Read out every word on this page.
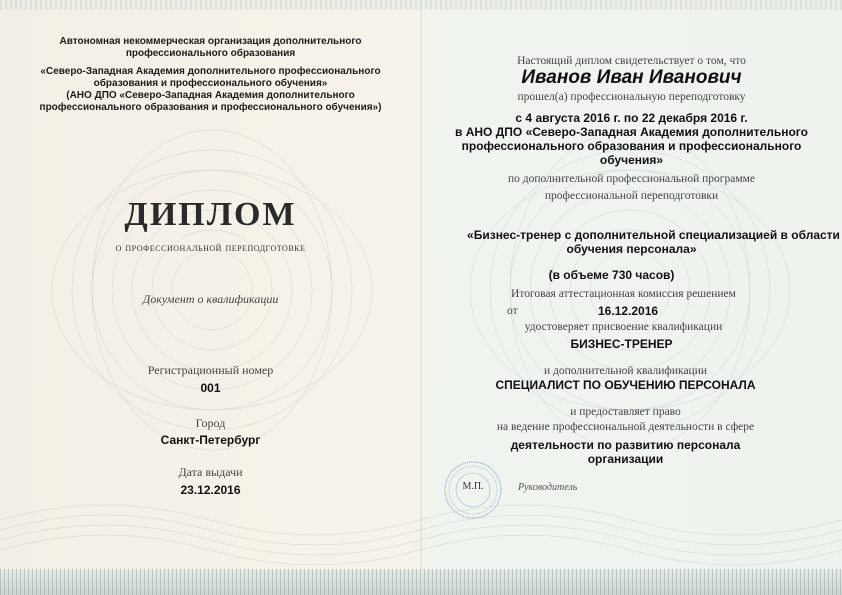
Автономная некоммерческая организация дополнительного
профессионального образования
«Северо-Западная Академия дополнительного профессионального
образования и профессионального обучения»
(АНО ДПО «Северо-Западная Академия дополнительного
профессионального образования и профессионального обучения»)
ДИПЛОМ
о профессиональной переподготовке
Документ о квалификации
Регистрационный номер
001
Город
Санкт-Петербург
Дата выдачи
23.12.2016
Настоящий диплом свидетельствует о том, что
Иванов Иван Иванович
прошел(а) профессиональную переподготовку
с 4 августа 2016 г. по 22 декабря 2016 г.
в АНО ДПО «Северо-Западная Академия дополнительного
профессионального образования и профессионального
обучения»
по дополнительной профессиональной программе
профессиональной переподготовки
«Бизнес-тренер с дополнительной специализацией в области
обучения персонала»
(в объеме 730 часов)
Итоговая аттестационная комиссия решением
от	16.12.2016
удостоверяет присвоение квалификации
БИЗНЕС-ТРЕНЕР
и дополнительной квалификации
СПЕЦИАЛИСТ ПО ОБУЧЕНИЮ ПЕРСОНАЛА
и предоставляет право
на ведение профессиональной деятельности в сфере
деятельности по развитию персонала
организации
Руководитель
М.П.
